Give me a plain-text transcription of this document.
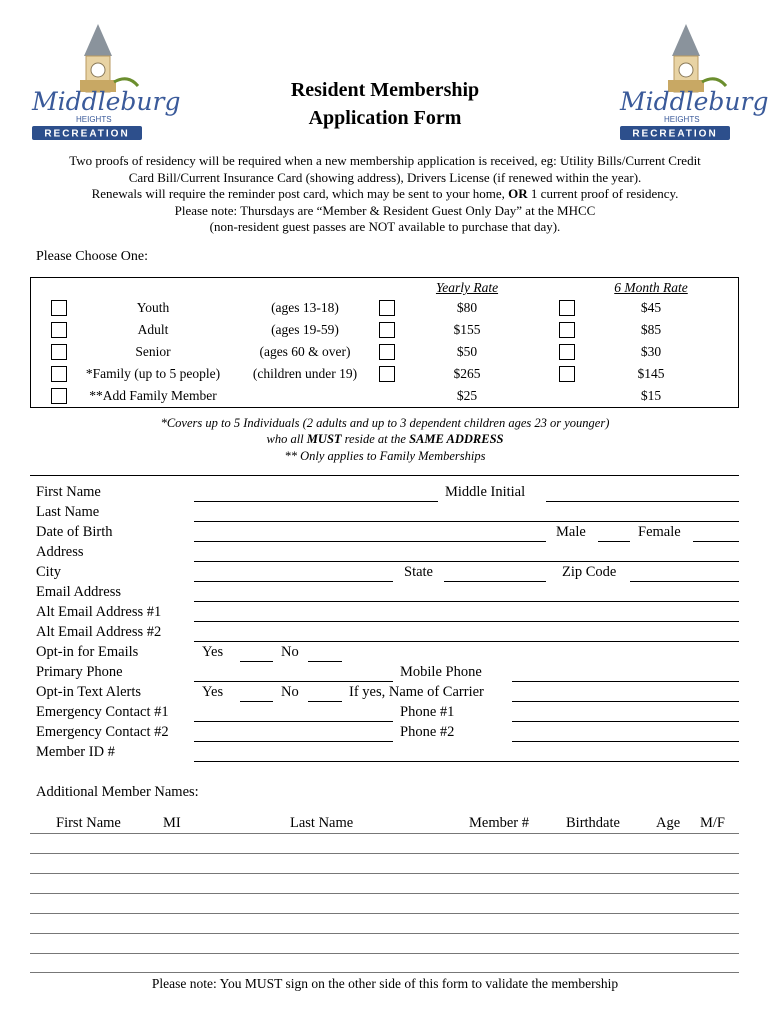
Middleburg
HEIGHTS
RECREATION
Middleburg
HEIGHTS
RECREATION
Resident Membership
Application Form
Two proofs of residency will be required when a new membership application is received, eg: Utility Bills/Current Credit
Card Bill/Current Insurance Card (showing address), Drivers License (if renewed within the year).
Renewals will require the reminder post card, which may be sent to your home, OR 1 current proof of residency.
Please note: Thursdays are “Member & Resident Guest Only Day” at the MHCC
(non-resident guest passes are NOT available to purchase that day).
Please Choose One:
Yearly Rate	6 Month Rate
Youth	(ages 13-18)	$80	$45
Adult	(ages 19-59)	$155	$85
Senior	(ages 60 & over)	$50	$30
*Family (up to 5 people)	(children under 19)	$265	$145
**Add Family Member	$25	$15
*Covers up to 5 Individuals (2 adults and up to 3 dependent children ages 23 or younger)
who all MUST reside at the SAME ADDRESS
** Only applies to Family Memberships
First Name	Middle Initial
Last Name
Date of Birth	Male	Female
Address
City	State	Zip Code
Email Address
Alt Email Address #1
Alt Email Address #2
Opt-in for Emails	Yes	No
Primary Phone	Mobile Phone
Opt-in Text Alerts	Yes	No	If yes, Name of Carrier
Emergency Contact #1	Phone #1
Emergency Contact #2	Phone #2
Member ID #
Additional Member Names:
First Name	MI	Last Name	Member #	Birthdate Age M/F
Please note: You MUST sign on the other side of this form to validate the membership
